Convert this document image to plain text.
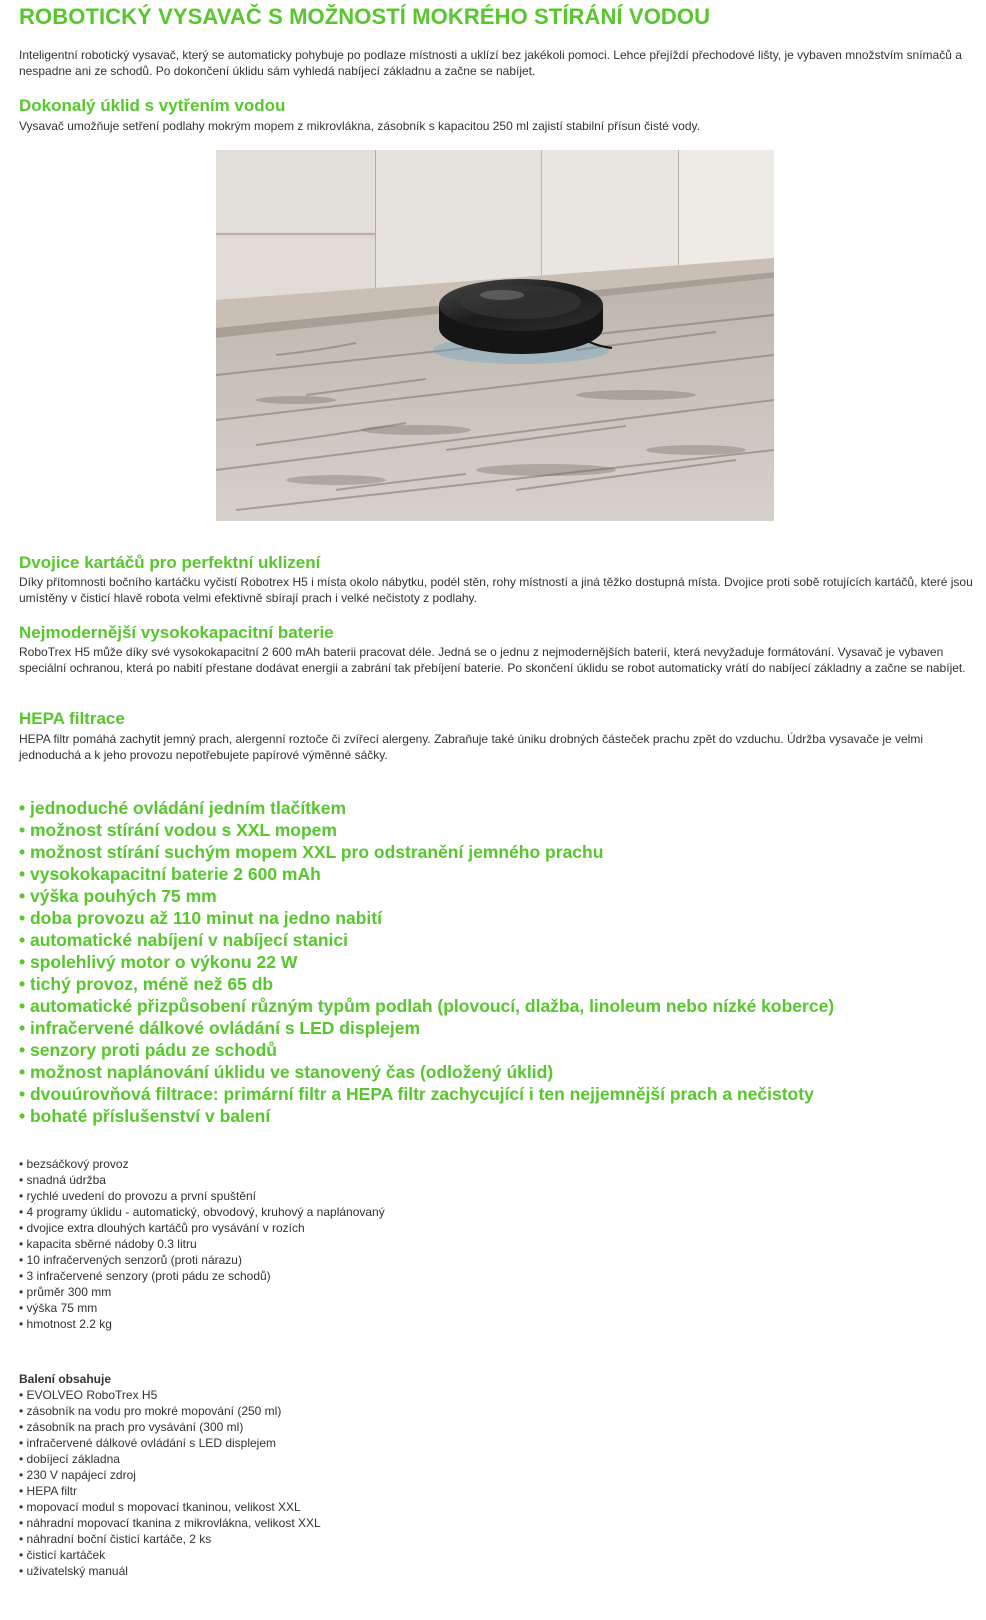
ROBOTICKÝ VYSAVAČ S MOŽNOSTÍ MOKRÉHO STÍRÁNÍ VODOU
Inteligentní robotický vysavač, který se automaticky pohybuje po podlaze místnosti a uklízí bez jakékoli pomoci. Lehce přejíždí přechodové lišty, je vybaven množstvím snímačů a nespadne ani ze schodů. Po dokončení úklidu sám vyhledá nabíjecí základnu a začne se nabíjet.
Dokonalý úklid s vytřením vodou
Vysavač umožňuje setření podlahy mokrým mopem z mikrovlákna, zásobník s kapacitou 250 ml zajistí stabilní přísun čisté vody.
Dvojice kartáčů pro perfektní uklizení
Díky přítomnosti bočního kartáčku vyčistí Robotrex H5 i místa okolo nábytku, podél stěn, rohy místností a jiná těžko dostupná místa. Dvojice proti sobě rotujících kartáčů, které jsou umístěny v čisticí hlavě robota velmi efektivně sbírají prach i velké nečistoty z podlahy.
Nejmodernější vysokokapacitní baterie
RoboTrex H5 může díky své vysokokapacitní 2 600 mAh baterii pracovat déle. Jedná se o jednu z nejmodernějších baterií, která nevyžaduje formátování. Vysavač je vybaven speciální ochranou, která po nabití přestane dodávat energii a zabrání tak přebíjení baterie. Po skončení úklidu se robot automaticky vrátí do nabíjecí základny a začne se nabíjet.
HEPA filtrace
HEPA filtr pomáhá zachytit jemný prach, alergenní roztoče či zvířecí alergeny. Zabraňuje také úniku drobných částeček prachu zpět do vzduchu. Údržba vysavače je velmi jednoduchá a k jeho provozu nepotřebujete papírové výměnné sáčky.
• jednoduché ovládání jedním tlačítkem
• možnost stírání vodou s XXL mopem
• možnost stírání suchým mopem XXL pro odstranění jemného prachu
• vysokokapacitní baterie 2 600 mAh
• výška pouhých 75 mm
• doba provozu až 110 minut na jedno nabití
• automatické nabíjení v nabíjecí stanici
• spolehlivý motor o výkonu 22 W
• tichý provoz, méně než 65 db
• automatické přizpůsobení různým typům podlah (plovoucí, dlažba, linoleum nebo nízké koberce)
• infračervené dálkové ovládání s LED displejem
• senzory proti pádu ze schodů
• možnost naplánování úklidu ve stanovený čas (odložený úklid)
• dvouúrovňová filtrace: primární filtr a HEPA filtr zachycující i ten nejjemnější prach a nečistoty
• bohaté příslušenství v balení
• bezsáčkový provoz
• snadná údržba
• rychlé uvedení do provozu a první spuštění
• 4 programy úklidu - automatický, obvodový, kruhový a naplánovaný
• dvojice extra dlouhých kartáčů pro vysávání v rozích
• kapacita sběrné nádoby 0.3 litru
• 10 infračervených senzorů (proti nárazu)
• 3 infračervené senzory (proti pádu ze schodů)
• průměr 300 mm
• výška 75 mm
• hmotnost 2.2 kg
Balení obsahuje
• EVOLVEO RoboTrex H5
• zásobník na vodu pro mokré mopování (250 ml)
• zásobník na prach pro vysávání (300 ml)
• infračervené dálkové ovládání s LED displejem
• dobíjecí základna
• 230 V napájecí zdroj
• HEPA filtr
• mopovací modul s mopovací tkaninou, velikost XXL
• náhradní mopovací tkanina z mikrovlákna, velikost XXL
• náhradní boční čisticí kartáče, 2 ks
• čisticí kartáček
• uživatelský manuál
